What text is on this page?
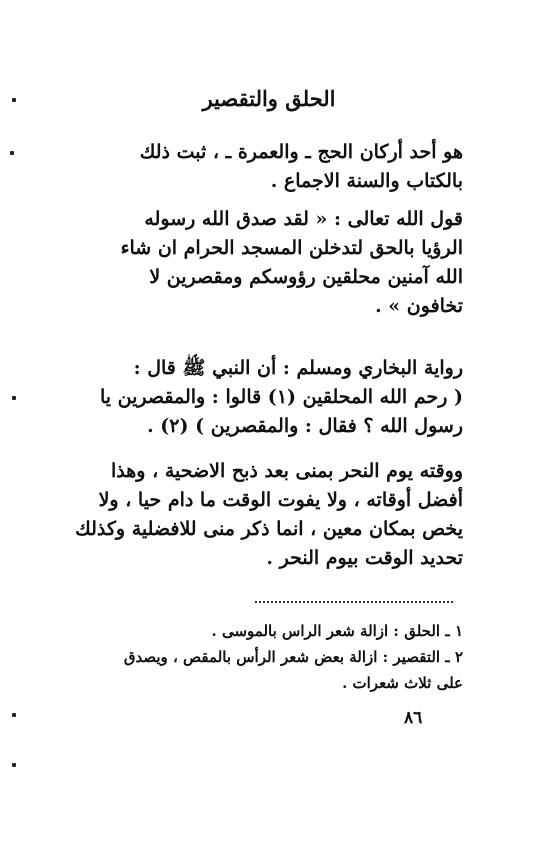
الحلق والتقصير
هو أحد أركان الحج ـ والعمرة ـ ، ثبت ذلك
بالكتاب والسنة الاجماع .
قول الله تعالى : « لقد صدق الله رسوله
الرؤيا بالحق لتدخلن المسجد الحرام ان شاء
الله آمنين محلقين رؤوسكم ومقصرين لا
تخافون » .
رواية البخاري ومسلم : أن النبي ﷺ قال :
( رحم الله المحلقين (١) قالوا : والمقصرين يا
رسول الله ؟ فقال : والمقصرين ) (٢) .
ووقته يوم النحر بمنى بعد ذبح الاضحية ، وهذا
أفضل أوقاته ، ولا يفوت الوقت ما دام حيا ، ولا
يخص بمكان معين ، انما ذكر منى للافضلية وكذلك
تحديد الوقت بيوم النحر .
١ ـ الحلق : ازالة شعر الراس بالموسى .
٢ ـ التقصير : ازالة بعض شعر الرأس بالمقص ، ويصدق
على ثلاث شعرات .
٨٦
